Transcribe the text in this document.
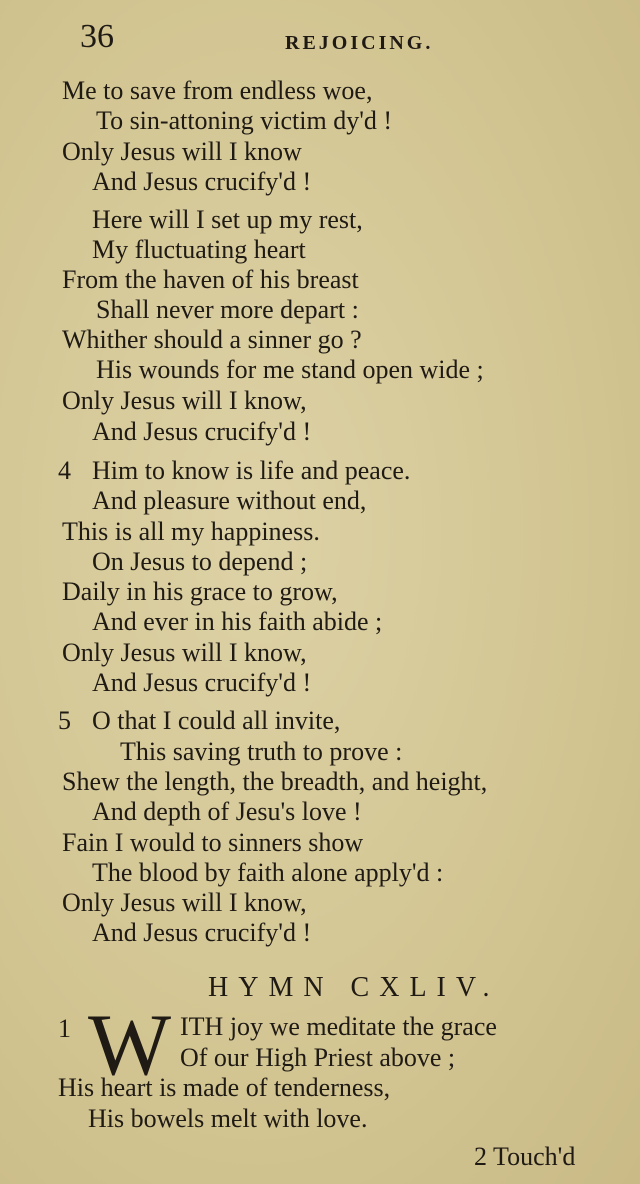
36	REJOICING.
Me to save from endless woe,
To sin-attoning victim dy'd !
Only Jesus will I know
And Jesus crucify'd !
Here will I set up my rest,
My fluctuating heart
From the haven of his breast
Shall never more depart :
Whither should a sinner go ?
His wounds for me stand open wide ;
Only Jesus will I know,
And Jesus crucify'd !
4 Him to know is life and peace.
And pleasure without end,
This is all my happiness.
On Jesus to depend ;
Daily in his grace to grow,
And ever in his faith abide ;
Only Jesus will I know,
And Jesus crucify'd !
5 O that I could all invite,
This saving truth to prove :
Shew the length, the breadth, and height,
And depth of Jesu's love !
Fain I would to sinners show
The blood by faith alone apply'd :
Only Jesus will I know,
And Jesus crucify'd !
HYMN CXLIV.
1 W ITH joy we meditate the grace
Of our High Priest above ;
His heart is made of tenderness,
His bowels melt with love.
2 Touch'd
